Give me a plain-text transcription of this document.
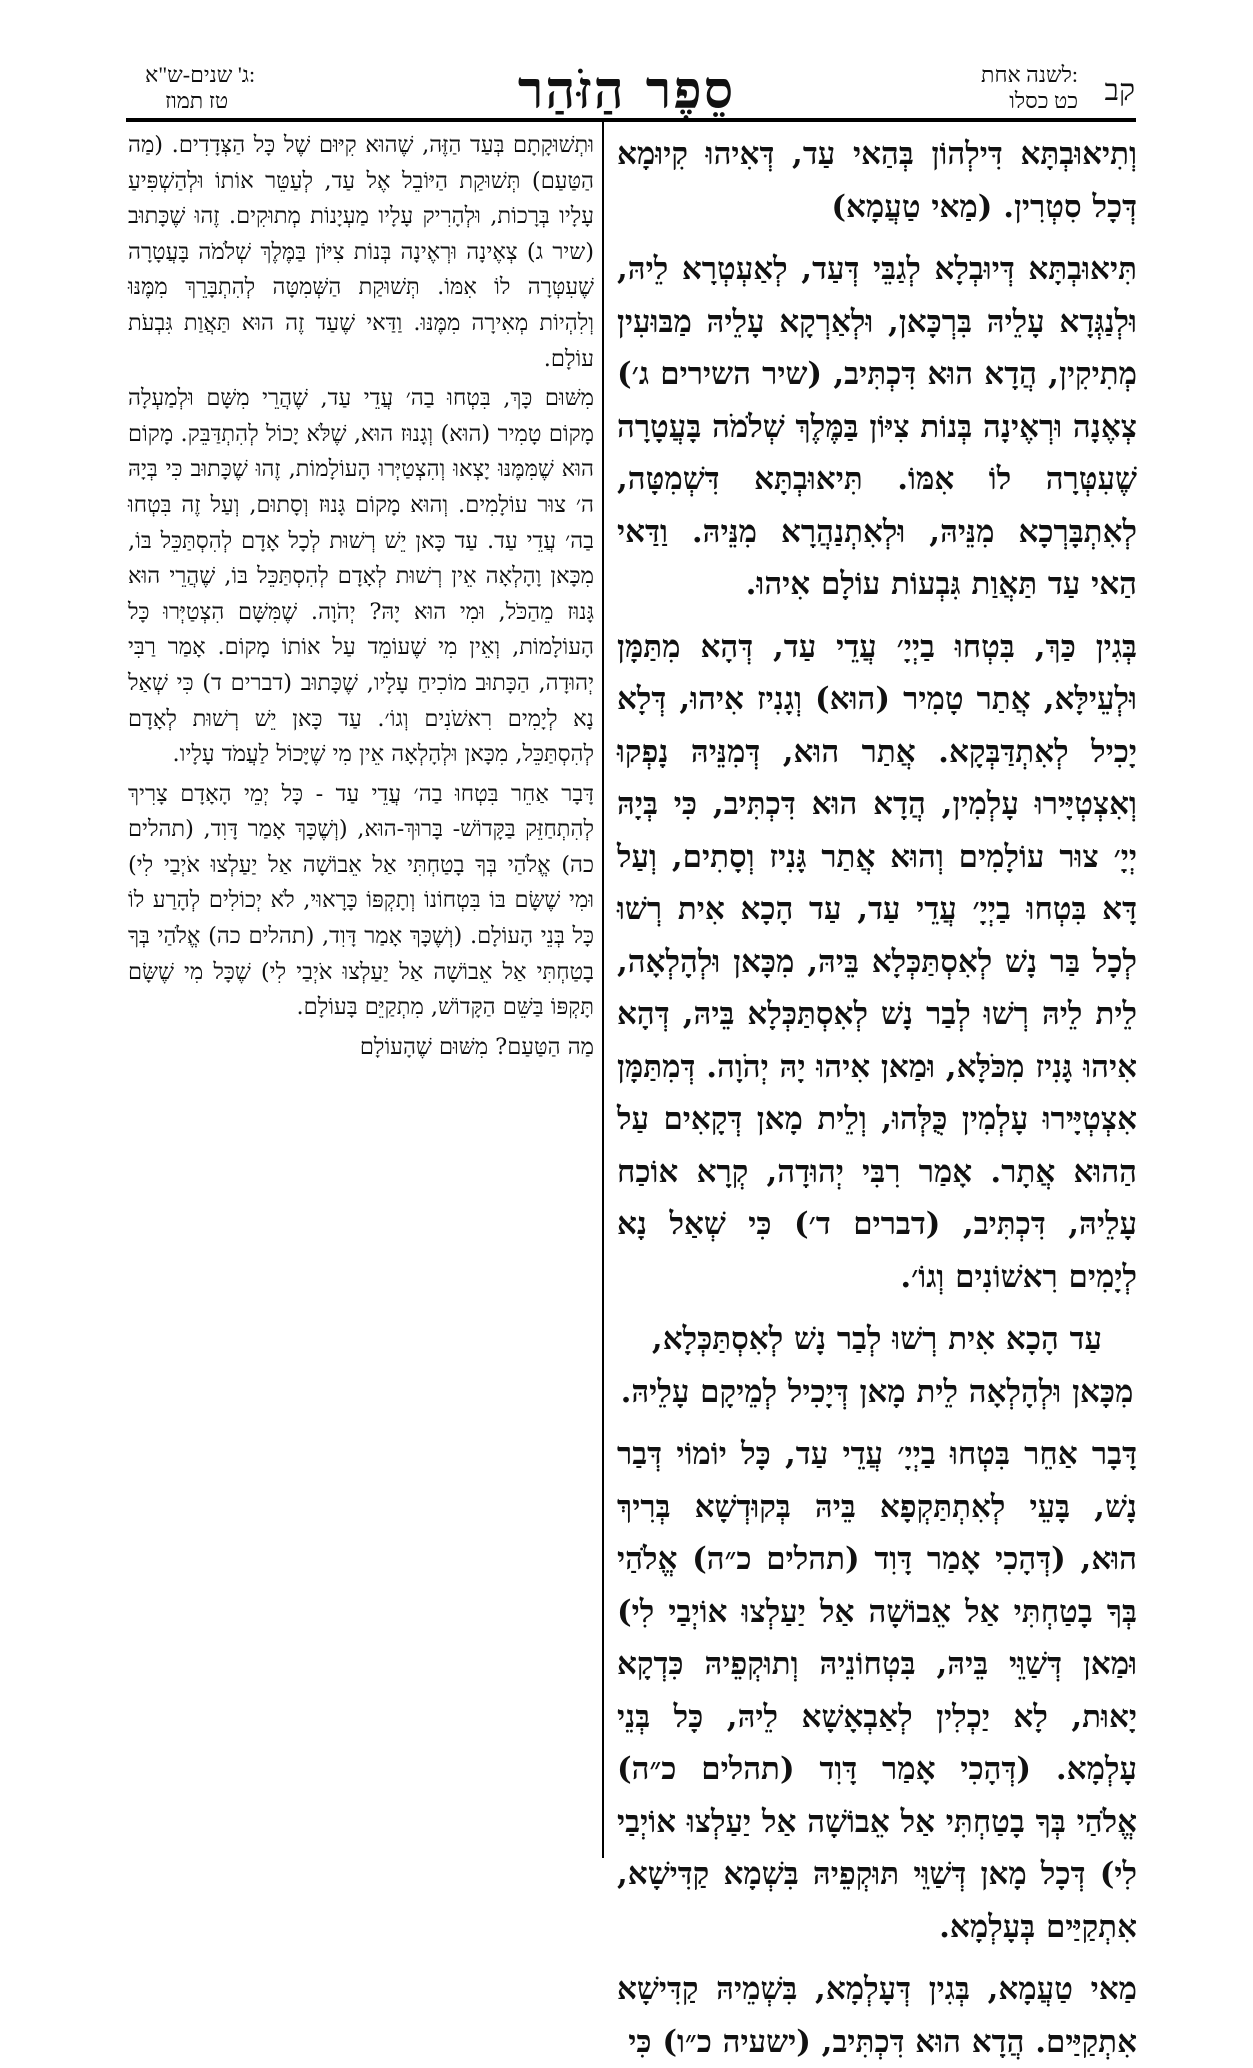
קב
לשנה אחת:
כט כסלו
סֵפֶר הַזֹּהַר
ג' שנים-ש"א:
טז תמוז

וְתִיאוּבְתָּא דִּילְהוֹן בְּהַאי עַד, דְּאִיהוּ קִיוּמָא דְּכָל סִטְרִין. (מַאי טַעֲמָא)

תִּיאוּבְתָּא דְּיוּבְלָא לְגַבֵּי דְּעַד, לְאַעְטְרָא לֵיהּ, וּלְנַגְּדָא עָלֵיהּ בִּרְכָּאן, וּלְאַרְקָא עָלֵיהּ מַבּוּעִין מְתִיקִין, הֲדָא הוּא דִּכְתִּיב, (שיר השירים ג׳) צְאֶנָה וּרְאֶינָה בְּנוֹת צִיּוֹן בַּמֶּלֶךְ שְׁלֹמֹה בָּעֲטָרָה שֶׁעִטְּרָה לוֹ אִמּוֹ. תִּיאוּבְתָּא דִּשְׁמִטָּה, לְאִתְבָּרְכָא מִנֵּיהּ, וּלְאִתְנַהֲרָא מִנֵּיהּ. וַדַּאי הַאי עַד תַּאֲוַת גִּבְעוֹת עוֹלָם אִיהוּ.

בְּגִין כַּךְ, בִּטְחוּ בַיְיָ׳ עֲדֵי עַד, דְּהָא מִתַּמָּן וּלְעֵילָּא, אֲתַר טָמִיר (הוּא) וְגָנִיז אִיהוּ, דְּלָא יָכִיל לְאִתְדַּבְּקָא. אֲתַר הוּא, דְּמִנֵּיהּ נָפְקוּ וְאִצְטְיָּירוּ עָלְמִין, הֲדָא הוּא דִּכְתִּיב, כִּי בְּיָהּ יְיָ׳ צוּר עוֹלָמִים וְהוּא אֲתַר גָּנִיז וְסָתִים, וְעַל דָּא בִּטְחוּ בַיְיָ׳ עֲדֵי עַד, עַד הָכָא אִית רְשׁוּ לְכָל בַּר נָשׁ לְאִסְתַּכְּלָא בֵּיהּ, מִכָּאן וּלְהָלְאָה, לֵית לֵיהּ רְשׁוּ לְבַר נָשׁ לְאִסְתַּכְּלָא בֵּיהּ, דְּהָא אִיהוּ גָּנִיז מִכֹּלָּא, וּמַאן אִיהוּ יָהּ יְהֹוָה. דְּמִתַּמָּן אִצְטְיָּירוּ עָלְמִין כֻּלְּהוּ, וְלֵית מָאן דְּקָאִים עַל הַהוּא אֲתָר. אָמַר רִבִּי יְהוּדָה, קְרָא אוֹכַח עָלֵיהּ, דִּכְתִּיב, (דברים ד׳) כִּי שְׁאַל נָא לְיָמִים רִאשׁוֹנִים וְגוֹ׳.

עַד הָכָא אִית רְשׁוּ לְבַר נָשׁ לְאִסְתַּכְּלָא, מִכָּאן וּלְהָלְאָה לֵית מָאן דְּיָכִיל לְמֵיקָם עָלֵיהּ.

דָּבָר אַחֵר בִּטְחוּ בַיְיָ׳ עֲדֵי עַד, כָּל יוֹמוֹי דְּבַר נָשׁ, בָּעֵי לְאִתְתַּקְפָא בֵּיהּ בְּקוּדְשָׁא בְּרִיךְ הוּא, (דְּהָכִי אָמַר דָּוִד (תהלים כ״ה) אֱלֹהַי בְּךָ בָטַחְתִּי אַל אֵבוֹשָׁה אַל יַעַלְצוּ אוֹיְבַי לִי) וּמַאן דְּשַׁוֵּי בֵּיהּ, בִּטְחוֹנֵיהּ וְתוּקְפֵיהּ כִּדְקָא יָאוּת, לָא יַכְלִין לְאַבְאָשָׁא לֵיהּ, כָּל בְּנֵי עָלְמָא. (דְּהָכִי אָמַר דָּוִד (תהלים כ״ה) אֱלֹהַי בְּךָ בָטַחְתִּי אַל אֵבוֹשָׁה אַל יַעַלְצוּ אוֹיְבַי לִי) דְּכָל מָאן דְּשַׁוֵּי תּוּקְפֵיהּ בִּשְׁמָא קַדִּישָׁא, אִתְקַיַּים בְּעָלְמָא.

מַאי טַעֲמָא, בְּגִין דְּעָלְמָא, בִּשְׁמֵיהּ קַדִּישָׁא אִתְקַיַּים. הֲדָא הוּא דִּכְתִּיב, (ישעיה כ״ו) כִּי

וּתְשׁוּקָתָם בְּעַד הַזֶּה, שֶׁהוּא קִיּוּם שֶׁל כָּל הַצְּדָדִים. (מַה הַטַּעַם) תְּשׁוּקַת הַיּוֹבֵל אֶל עַד, לְעַטֵּר אוֹתוֹ וּלְהַשְׁפִּיעַ עָלָיו בְּרָכוֹת, וּלְהָרִיק עָלָיו מַעְיָנוֹת מְתוּקִים. זֶהוּ שֶׁכָּתוּב (שיר ג) צְאֶינָה וּרְאֶינָה בְּנוֹת צִיּוֹן בַּמֶּלֶךְ שְׁלֹמֹה בָּעֲטָרָה שֶׁעִטְּרָה לוֹ אִמּוֹ. תְּשׁוּקַת הַשְּׁמִטָּה לְהִתְבָּרֵךְ מִמֶּנּוּ וְלִהְיוֹת מְאִירָה מִמֶּנּוּ. וַדַּאי שֶׁעַד זֶה הוּא תַּאֲוַת גִּבְעֹת עוֹלָם.

מִשּׁוּם כָּךְ, בִּטְחוּ בַה׳ עֲדֵי עַד, שֶׁהֲרֵי מִשָּׁם וּלְמַעְלָה מָקוֹם טָמִיר (הוּא) וְגָנוּז הוּא, שֶׁלֹּא יָכוֹל לְהִתְדַּבֵּק. מָקוֹם הוּא שֶׁמִּמֶּנּוּ יָצְאוּ וְהִצְטַיְּרוּ הָעוֹלָמוֹת, זֶהוּ שֶׁכָּתוּב כִּי בְּיָהּ ה׳ צוּר עוֹלָמִים. וְהוּא מָקוֹם גָּנוּז וְסָתוּם, וְעַל זֶה בִּטְחוּ בַה׳ עֲדֵי עַד. עַד כָּאן יֵשׁ רְשׁוּת לְכָל אָדָם לְהִסְתַּכֵּל בּוֹ, מִכָּאן וָהָלְאָה אֵין רְשׁוּת לְאָדָם לְהִסְתַּכֵּל בּוֹ, שֶׁהֲרֵי הוּא גָּנוּז מֵהַכֹּל, וּמִי הוּא יָהּ? יְהֹוָה. שֶׁמִּשָּׁם הִצְטַיְּרוּ כָּל הָעוֹלָמוֹת, וְאֵין מִי שֶׁעוֹמֵד עַל אוֹתוֹ מָקוֹם. אָמַר רַבִּי יְהוּדָה, הַכָּתוּב מוֹכִיחַ עָלָיו, שֶׁכָּתוּב (דברים ד) כִּי שְׁאַל נָא לְיָמִים רִאשֹׁנִים וְגוֹ׳. עַד כָּאן יֵשׁ רְשׁוּת לְאָדָם לְהִסְתַּכֵּל, מִכָּאן וּלְהָלְאָה אֵין מִי שֶׁיָּכוֹל לַעֲמֹד עָלָיו.

דָּבָר אַחֵר בִּטְחוּ בַה׳ עֲדֵי עַד - כָּל יְמֵי הָאָדָם צָרִיךְ לְהִתְחַזֵּק בַּקָּדוֹשׁ- בָּרוּךְ-הוּא, (וְשֶׁכָּךְ אָמַר דָּוִד, (תהלים כה) אֱלֹהַי בְּךָ בָטַחְתִּי אַל אֵבוֹשָׁה אַל יַעַלְצוּ אֹיְבַי לִי) וּמִי שֶׁשָּׂם בּוֹ בִּטְחוֹנוֹ וְתָקְפּוֹ כָּרָאוּי, לֹא יְכוֹלִים לְהָרַע לוֹ כָּל בְּנֵי הָעוֹלָם. (וְשֶׁכָּךְ אָמַר דָּוִד, (תהלים כה) אֱלֹהַי בְּךָ בָטַחְתִּי אַל אֵבוֹשָׁה אַל יַעַלְצוּ אֹיְבַי לִי) שֶׁכָּל מִי שֶׁשָּׂם תָּקְפּוֹ בַּשֵּׁם הַקָּדוֹשׁ, מִתְקַיֵּם בָּעוֹלָם.

מַה הַטַּעַם? מִשּׁוּם שֶׁהָעוֹלָם
